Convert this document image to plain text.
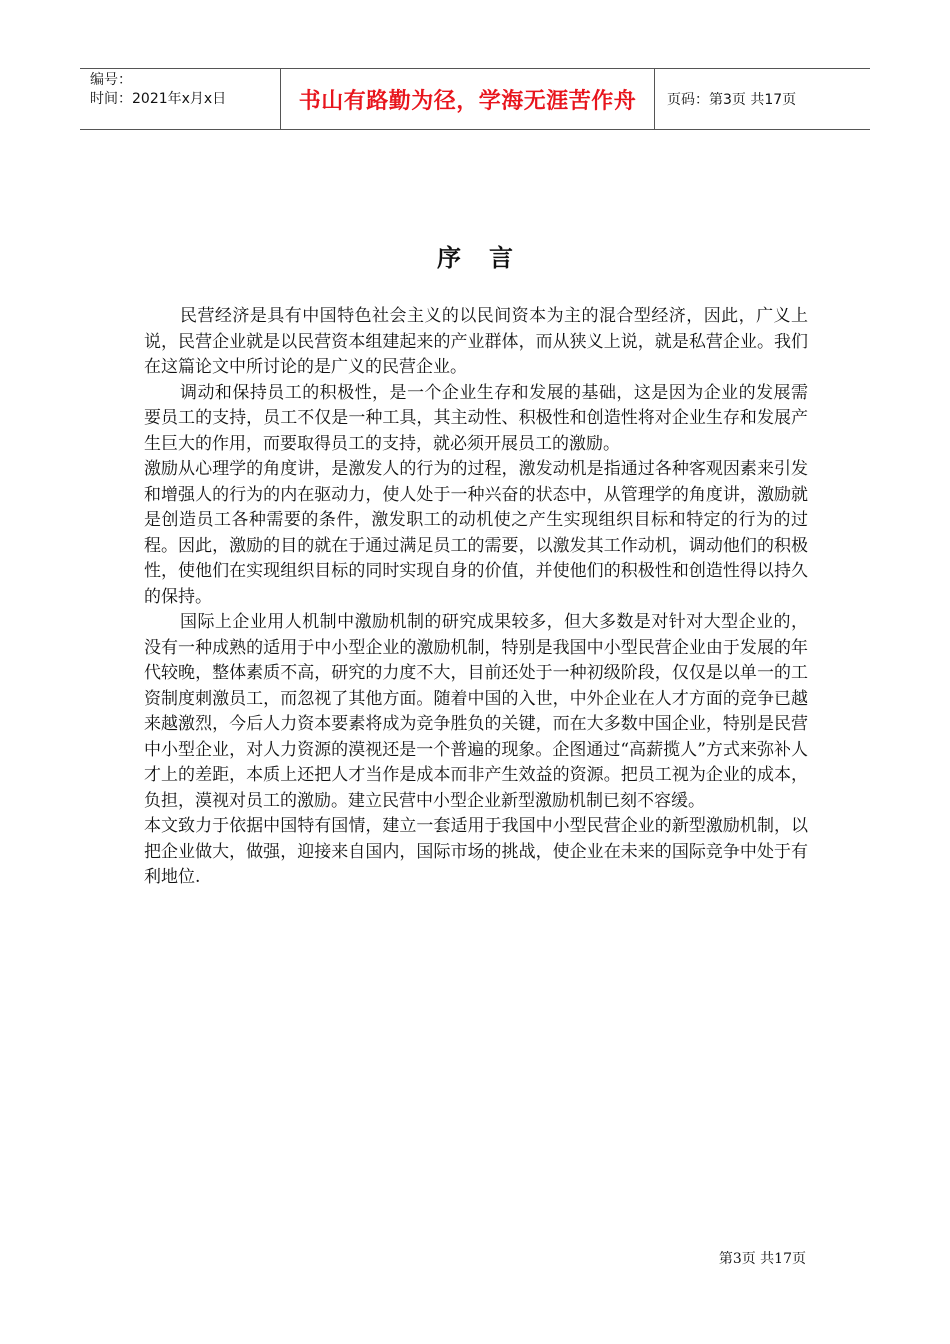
编号：
时间：2021年x月x日	书山有路勤为径，学海无涯苦作舟	页码：第3页 共17页
序言

民营经济是具有中国特色社会主义的以民间资本为主的混合型经济，因此，广义上说，民营企业就是以民营资本组建起来的产业群体，而从狭义上说，就是私营企业。我们在这篇论文中所讨论的是广义的民营企业。

调动和保持员工的积极性，是一个企业生存和发展的基础，这是因为企业的发展需要员工的支持，员工不仅是一种工具，其主动性、积极性和创造性将对企业生存和发展产生巨大的作用，而要取得员工的支持，就必须开展员工的激励。

激励从心理学的角度讲，是激发人的行为的过程，激发动机是指通过各种客观因素来引发和增强人的行为的内在驱动力，使人处于一种兴奋的状态中，从管理学的角度讲，激励就是创造员工各种需要的条件，激发职工的动机使之产生实现组织目标和特定的行为的过程。因此，激励的目的就在于通过满足员工的需要，以激发其工作动机，调动他们的积极性，使他们在实现组织目标的同时实现自身的价值，并使他们的积极性和创造性得以持久的保持。

国际上企业用人机制中激励机制的研究成果较多，但大多数是对针对大型企业的，没有一种成熟的适用于中小型企业的激励机制，特别是我国中小型民营企业由于发展的年代较晚，整体素质不高，研究的力度不大，目前还处于一种初级阶段，仅仅是以单一的工资制度刺激员工，而忽视了其他方面。随着中国的入世，中外企业在人才方面的竞争已越来越激烈，今后人力资本要素将成为竞争胜负的关键，而在大多数中国企业，特别是民营中小型企业，对人力资源的漠视还是一个普遍的现象。企图通过“高薪揽人”方式来弥补人才上的差距，本质上还把人才当作是成本而非产生效益的资源。把员工视为企业的成本，负担，漠视对员工的激励。建立民营中小型企业新型激励机制已刻不容缓。

本文致力于依据中国特有国情，建立一套适用于我国中小型民营企业的新型激励机制，以把企业做大，做强，迎接来自国内，国际市场的挑战，使企业在未来的国际竞争中处于有利地位.

第3页 共17页
